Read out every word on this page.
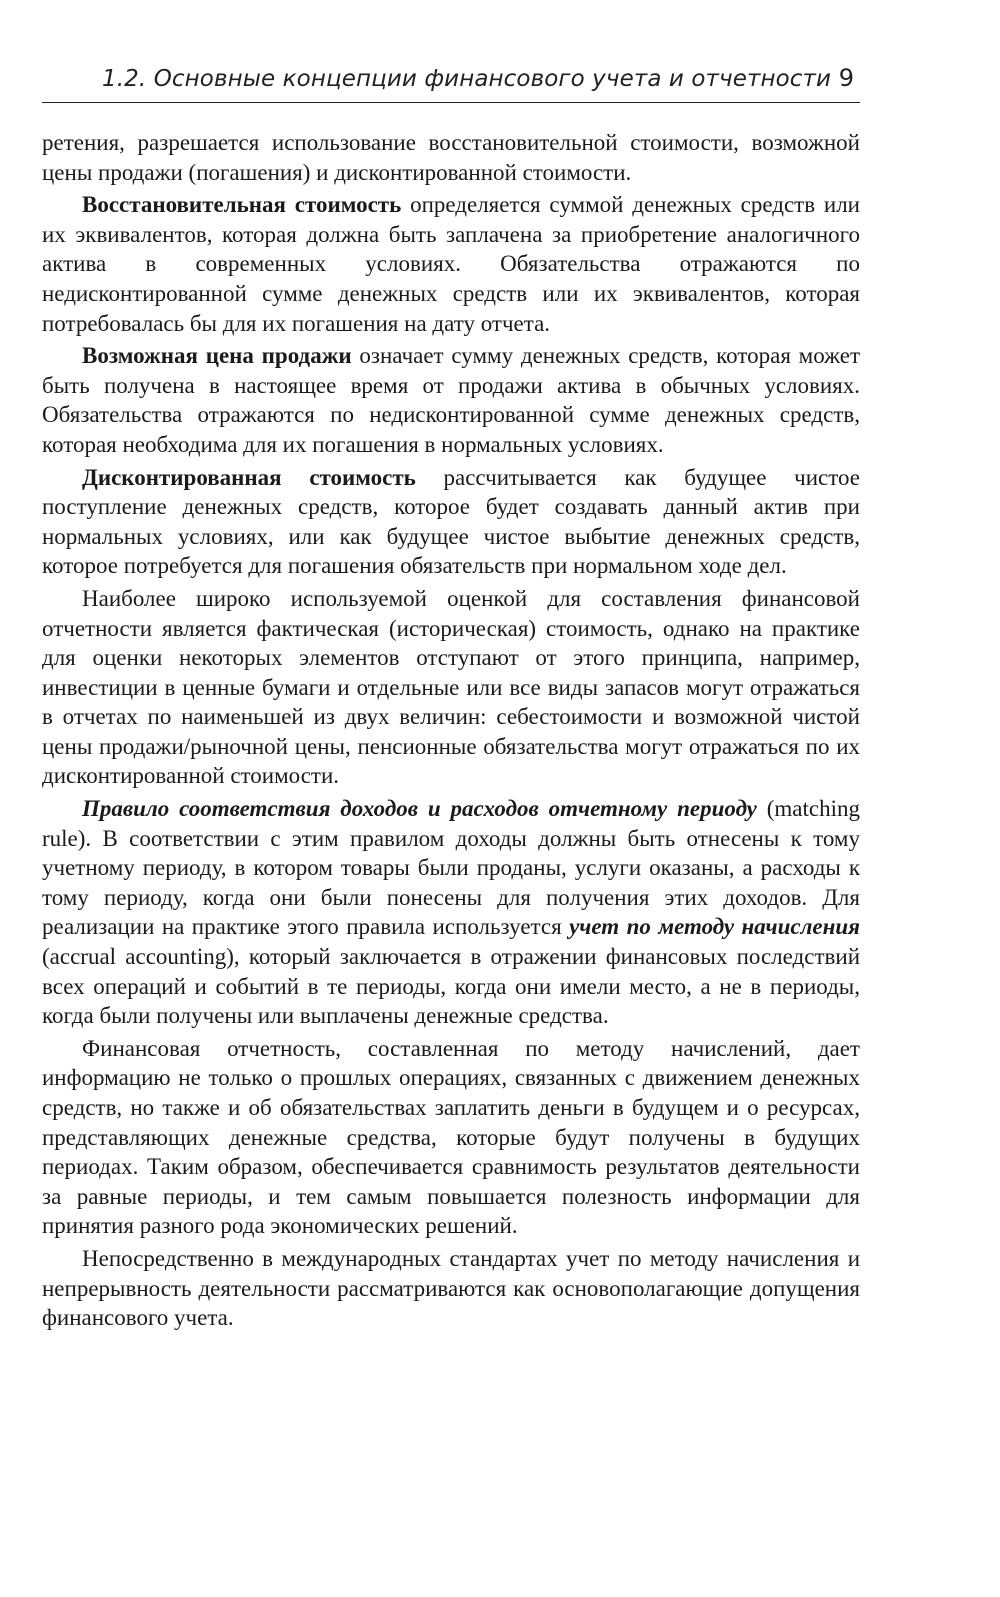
1.2. Основные концепции финансового учета и отчетности 9

ретения, разрешается использование восстановительной стоимости, возможной цены продажи (погашения) и дисконтированной стоимости.

Восстановительная стоимость определяется суммой денежных средств или их эквивалентов, которая должна быть заплачена за приобретение аналогичного актива в современных условиях. Обязательства отражаются по недисконтированной сумме денежных средств или их эквивалентов, которая потребовалась бы для их погашения на дату отчета.

Возможная цена продажи означает сумму денежных средств, которая может быть получена в настоящее время от продажи актива в обычных условиях. Обязательства отражаются по недисконтированной сумме денежных средств, которая необходима для их погашения в нормальных условиях.

Дисконтированная стоимость рассчитывается как будущее чистое поступление денежных средств, которое будет создавать данный актив при нормальных условиях, или как будущее чистое выбытие денежных средств, которое потребуется для погашения обязательств при нормальном ходе дел.

Наиболее широко используемой оценкой для составления финансовой отчетности является фактическая (историческая) стоимость, однако на практике для оценки некоторых элементов отступают от этого принципа, например, инвестиции в ценные бумаги и отдельные или все виды запасов могут отражаться в отчетах по наименьшей из двух величин: себестоимости и возможной чистой цены продажи/рыночной цены, пенсионные обязательства могут отражаться по их дисконтированной стоимости.

Правило соответствия доходов и расходов отчетному периоду (matching rule). В соответствии с этим правилом доходы должны быть отнесены к тому учетному периоду, в котором товары были проданы, услуги оказаны, а расходы к тому периоду, когда они были понесены для получения этих доходов. Для реализации на практике этого правила используется учет по методу начисления (accrual accounting), который заключается в отражении финансовых последствий всех операций и событий в те периоды, когда они имели место, а не в периоды, когда были получены или выплачены денежные средства.

Финансовая отчетность, составленная по методу начислений, дает информацию не только о прошлых операциях, связанных с движением денежных средств, но также и об обязательствах заплатить деньги в будущем и о ресурсах, представляющих денежные средства, которые будут получены в будущих периодах. Таким образом, обеспечивается сравнимость результатов деятельности за равные периоды, и тем самым повышается полезность информации для принятия разного рода экономических решений.

Непосредственно в международных стандартах учет по методу начисления и непрерывность деятельности рассматриваются как основополагающие допущения финансового учета.
